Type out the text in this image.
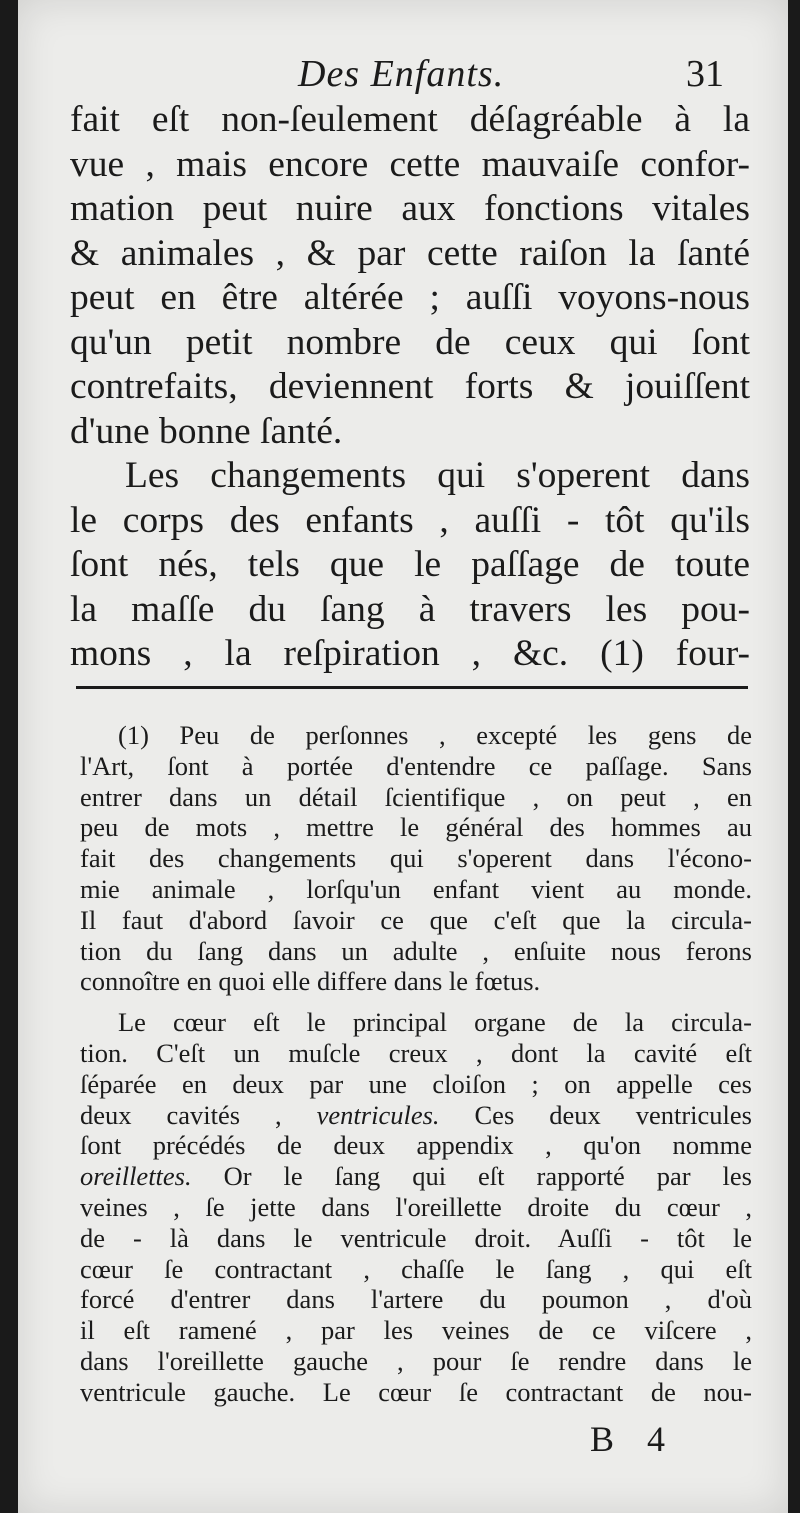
Des Enfants.	31
fait eſt non-ſeulement déſagréable à la
vue , mais encore cette mauvaiſe confor-
mation peut nuire aux fonctions vitales
& animales , & par cette raiſon la ſanté
peut en être altérée ; auſſi voyons-nous
qu'un petit nombre de ceux qui ſont
contrefaits, deviennent forts & jouiſſent
d'une bonne ſanté.
Les changements qui s'operent dans
le corps des enfants , auſſi - tôt qu'ils
ſont nés, tels que le paſſage de toute
la maſſe du ſang à travers les pou-
mons , la reſpiration , &c. (1) four-
(1) Peu de perſonnes , excepté les gens de
l'Art, ſont à portée d'entendre ce paſſage. Sans
entrer dans un détail ſcientifique , on peut , en
peu de mots , mettre le général des hommes au
fait des changements qui s'operent dans l'écono-
mie animale , lorſqu'un enfant vient au monde.
Il faut d'abord ſavoir ce que c'eſt que la circula-
tion du ſang dans un adulte , enſuite nous ferons
connoître en quoi elle differe dans le fœtus.
Le cœur eſt le principal organe de la circula-
tion. C'eſt un muſcle creux , dont la cavité eſt
ſéparée en deux par une cloiſon ; on appelle ces
deux cavités , ventricules. Ces deux ventricules
ſont précédés de deux appendix , qu'on nomme
oreillettes. Or le ſang qui eſt rapporté par les
veines , ſe jette dans l'oreillette droite du cœur ,
de - là dans le ventricule droit. Auſſi - tôt le
cœur ſe contractant , chaſſe le ſang , qui eſt
forcé d'entrer dans l'artere du poumon , d'où
il eſt ramené , par les veines de ce viſcere ,
dans l'oreillette gauche , pour ſe rendre dans le
ventricule gauche. Le cœur ſe contractant de nou-
B 4
